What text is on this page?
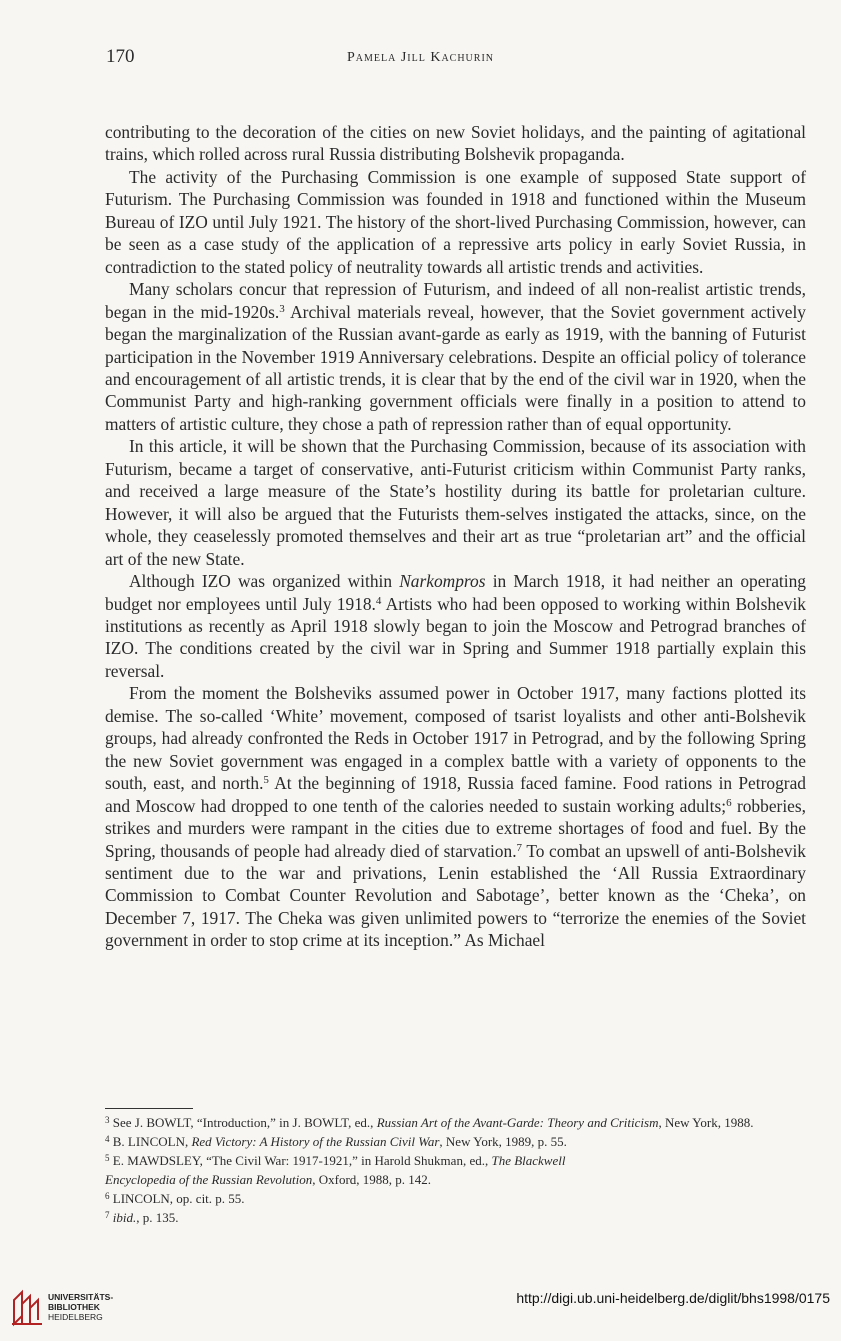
170	Pamela Jill Kachurin

contributing to the decoration of the cities on new Soviet holidays, and the painting of agitational trains, which rolled across rural Russia distributing Bolshevik propaganda.

The activity of the Purchasing Commission is one example of supposed State support of Futurism. The Purchasing Commission was founded in 1918 and functioned within the Museum Bureau of IZO until July 1921. The history of the short-lived Purchasing Commission, however, can be seen as a case study of the application of a repressive arts policy in early Soviet Russia, in contradiction to the stated policy of neutrality towards all artistic trends and activities.

Many scholars concur that repression of Futurism, and indeed of all non-realist artistic trends, began in the mid-1920s.$^3$ Archival materials reveal, however, that the Soviet government actively began the marginalization of the Russian avant-garde as early as 1919, with the banning of Futurist participation in the November 1919 Anniversary celebrations. Despite an official policy of tolerance and encouragement of all artistic trends, it is clear that by the end of the civil war in 1920, when the Communist Party and high-ranking government officials were finally in a position to attend to matters of artistic culture, they chose a path of repression rather than of equal opportunity.

In this article, it will be shown that the Purchasing Commission, because of its association with Futurism, became a target of conservative, anti-Futurist criticism within Communist Party ranks, and received a large measure of the State’s hostility during its battle for proletarian culture. However, it will also be argued that the Futurists them-selves instigated the attacks, since, on the whole, they ceaselessly promoted themselves and their art as true “proletarian art” and the official art of the new State.

Although IZO was organized within Narkompros in March 1918, it had neither an operating budget nor employees until July 1918.$^4$ Artists who had been opposed to working within Bolshevik institutions as recently as April 1918 slowly began to join the Moscow and Petrograd branches of IZO. The conditions created by the civil war in Spring and Summer 1918 partially explain this reversal.

From the moment the Bolsheviks assumed power in October 1917, many factions plotted its demise. The so-called ‘White’ movement, composed of tsarist loyalists and other anti-Bolshevik groups, had already confronted the Reds in October 1917 in Petrograd, and by the following Spring the new Soviet government was engaged in a complex battle with a variety of opponents to the south, east, and north.$^5$ At the beginning of 1918, Russia faced famine. Food rations in Petrograd and Moscow had dropped to one tenth of the calories needed to sustain working adults;$^6$ robberies, strikes and murders were rampant in the cities due to extreme shortages of food and fuel. By the Spring, thousands of people had already died of starvation.$^7$ To combat an upswell of anti-Bolshevik sentiment due to the war and privations, Lenin established the ‘All Russia Extraordinary Commission to Combat Counter Revolution and Sabotage’, better known as the ‘Cheka’, on December 7, 1917. The Cheka was given unlimited powers to “terrorize the enemies of the Soviet government in order to stop crime at its inception.” As Michael

$^3$ See J. BOWLT, “Introduction,” in J. BOWLT, ed., Russian Art of the Avant-Garde: Theory and Criticism, New York, 1988.
$^4$ B. LINCOLN, Red Victory: A History of the Russian Civil War, New York, 1989, p. 55.
$^5$ E. MAWDSLEY, “The Civil War: 1917-1921,” in Harold Shukman, ed., The Blackwell
Encyclopedia of the Russian Revolution, Oxford, 1988, p. 142.
$^6$ LINCOLN, op. cit. p. 55.
$^7$ ibid., p. 135.
UNIVERSITÄTS-
BIBLIOTHEK
HEIDELBERG
http://digi.ub.uni-heidelberg.de/diglit/bhs1998/0175
